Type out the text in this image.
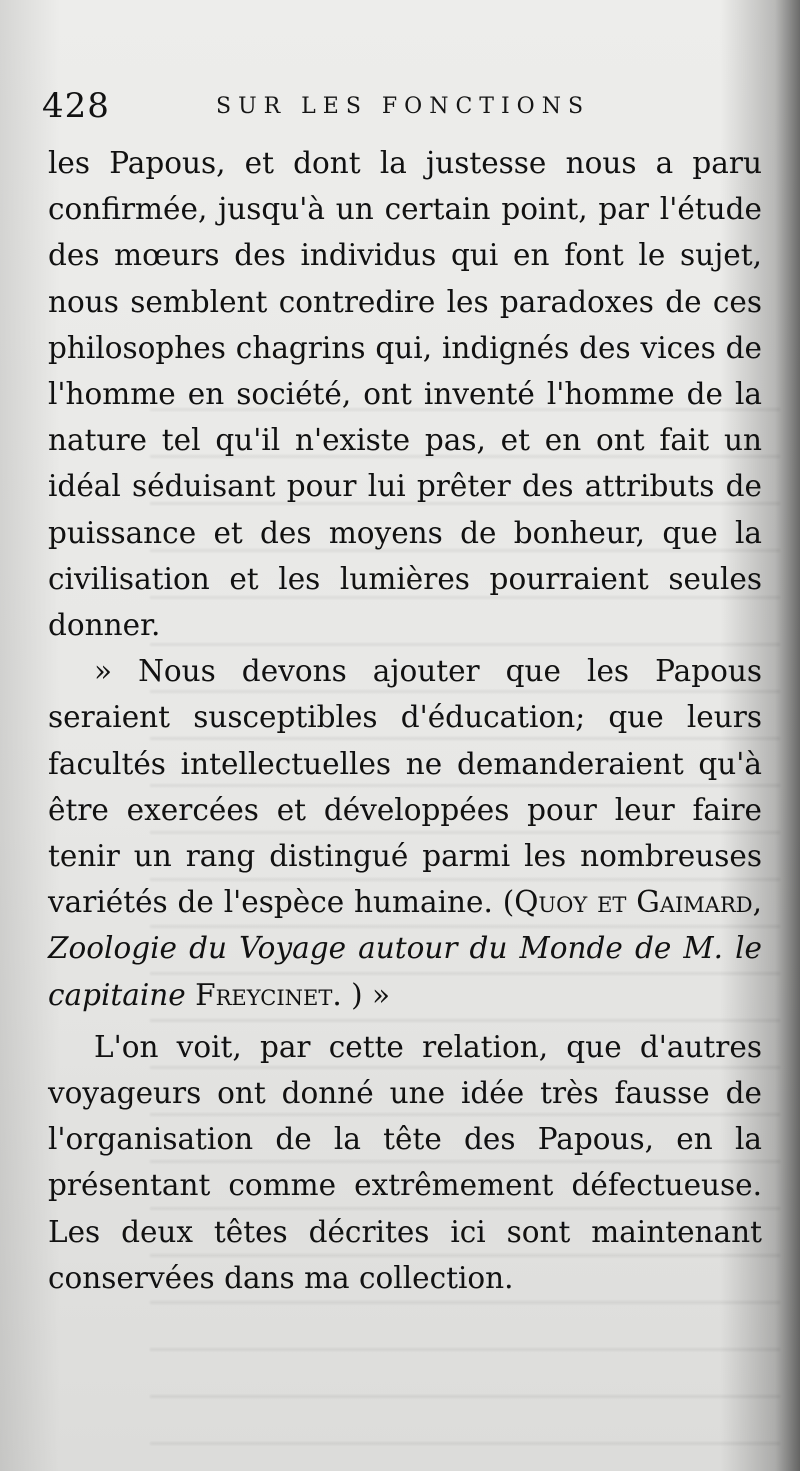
428	SUR LES FONCTIONS

les Papous, et dont la justesse nous a paru confirmée, jusqu'à un certain point, par l'étude des mœurs des individus qui en font le sujet, nous semblent contredire les paradoxes de ces philosophes chagrins qui, indignés des vices de l'homme en société, ont inventé l'homme de la nature tel qu'il n'existe pas, et en ont fait un idéal séduisant pour lui prêter des attributs de puissance et des moyens de bonheur, que la civilisation et les lumières pourraient seules donner.

» Nous devons ajouter que les Papous seraient susceptibles d'éducation; que leurs facultés intellectuelles ne demanderaient qu'à être exercées et développées pour leur faire tenir un rang distingué parmi les nombreuses variétés de l'espèce humaine. (Quoy et Gaimard, Zoologie du Voyage autour du Monde de M. le capitaine Freycinet. ) »

L'on voit, par cette relation, que d'autres voyageurs ont donné une idée très fausse de l'organisation de la tête des Papous, en la présentant comme extrêmement défectueuse. Les deux têtes décrites ici sont maintenant conservées dans ma collection.
